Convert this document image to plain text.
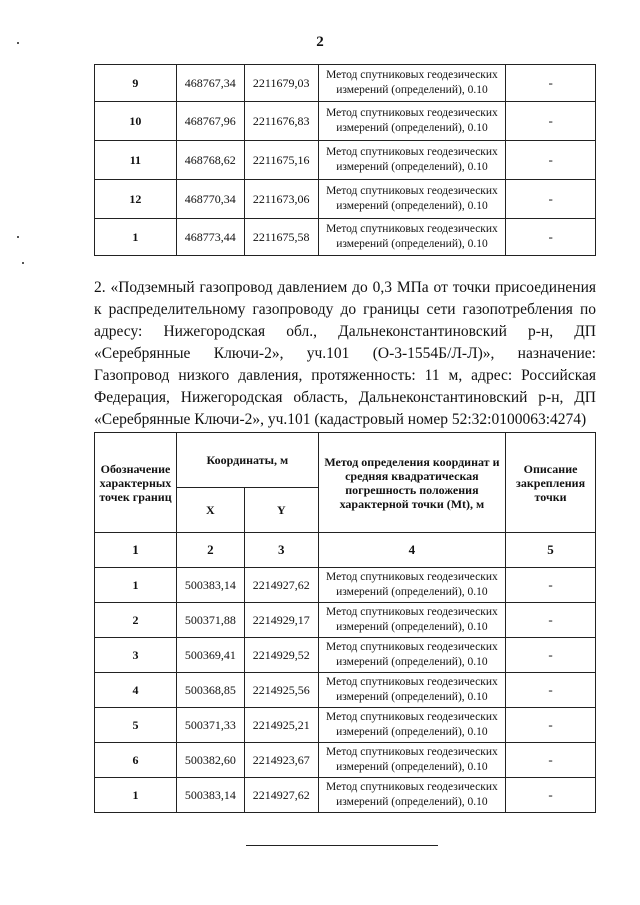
2
9	468767,34	2211679,03	Метод спутниковых геодезических измерений (определений), 0.10	-
10	468767,96	2211676,83	Метод спутниковых геодезических измерений (определений), 0.10	-
11	468768,62	2211675,16	Метод спутниковых геодезических измерений (определений), 0.10	-
12	468770,34	2211673,06	Метод спутниковых геодезических измерений (определений), 0.10	-
1	468773,44	2211675,58	Метод спутниковых геодезических измерений (определений), 0.10	-

2. «Подземный газопровод давлением до 0,3 МПа от точки присоединения к распределительному газопроводу до границы сети газопотребления по адресу: Нижегородская обл., Дальнеконстантиновский р-н, ДП «Серебрянные Ключи-2», уч.101 (О-3-1554Б/Л-Л)», назначение: Газопровод низкого давления, протяженность: 11 м, адрес: Российская Федерация, Нижегородская область, Дальнеконстантиновский р-н, ДП «Серебрянные Ключи-2», уч.101 (кадастровый номер 52:32:0100063:4274)

Обозначение характерных точек границ	Координаты, м		Метод определения координат и средняя квадратическая погрешность положения характерной точки (Mt), м	Описание закрепления точки
	X	Y		
1	2	3	4	5
1	500383,14	2214927,62	Метод спутниковых геодезических измерений (определений), 0.10	-
2	500371,88	2214929,17	Метод спутниковых геодезических измерений (определений), 0.10	-
3	500369,41	2214929,52	Метод спутниковых геодезических измерений (определений), 0.10	-
4	500368,85	2214925,56	Метод спутниковых геодезических измерений (определений), 0.10	-
5	500371,33	2214925,21	Метод спутниковых геодезических измерений (определений), 0.10	-
6	500382,60	2214923,67	Метод спутниковых геодезических измерений (определений), 0.10	-
1	500383,14	2214927,62	Метод спутниковых геодезических измерений (определений), 0.10	-
